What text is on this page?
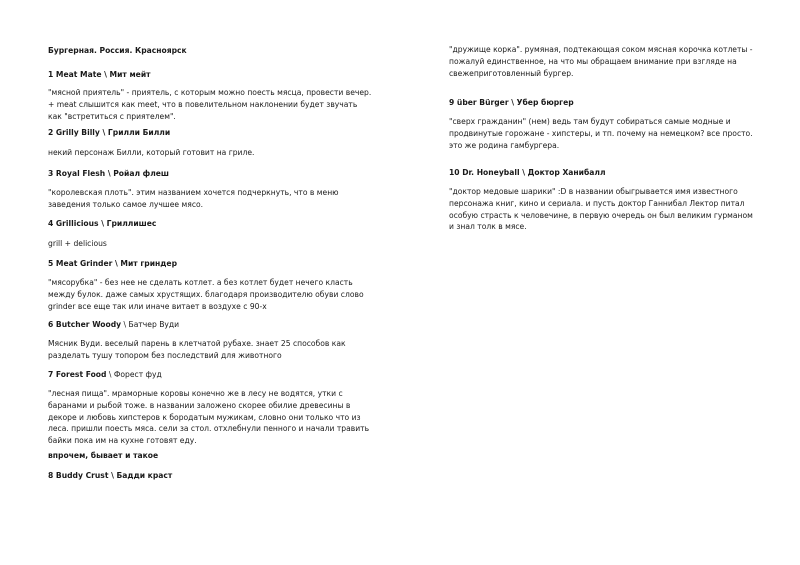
Бургерная. Россия. Красноярск
1 Meat Mate \ Мит мейт
"мясной приятель" - приятель, с которым можно поесть мясца, провести вечер. + meat слышится как meet, что в повелительном наклонении будет звучать как "встретиться с приятелем".
2 Grilly Billy \ Грилли Билли
некий персонаж Билли, который готовит на гриле.
3 Royal Flesh \ Ройал флеш
"королевская плоть". этим названием хочется подчеркнуть, что в меню заведения только самое лучшее мясо.
4 Grillicious \ Гриллишес
grill + delicious
5 Meat Grinder \ Мит гриндер
"мясорубка" - без нее не сделать котлет. а без котлет будет нечего класть между булок. даже самых хрустящих. благодаря производителю обуви слово grinder все еще так или иначе витает в воздухе с 90-х
6 Butcher Woody \ Батчер Вуди
Мясник Вуди. веселый парень в клетчатой рубахе. знает 25 способов как разделать тушу топором без последствий для животного
7 Forest Food \ Форест фуд
"лесная пища". мраморные коровы конечно же в лесу не водятся, утки с баранами и рыбой тоже. в названии заложено скорее обилие древесины в декоре и любовь хипстеров к бородатым мужикам, словно они только что из леса. пришли поесть мяса. сели за стол. отхлебнули пенного и начали травить байки пока им на кухне готовят еду.
впрочем, бывает и такое
8 Buddy Crust \ Бадди краст
"дружище корка". румяная, подтекающая соком мясная корочка котлеты - пожалуй единственное, на что мы обращаем внимание при взгляде на свежеприготовленный бургер.
9 über Bürger \ Убер бюргер
"сверх гражданин" (нем) ведь там будут собираться самые модные и продвинутые горожане - хипстеры, и тп. почему на немецком? все просто. это же родина гамбургера.
10 Dr. Honeyball \ Доктор Ханибалл
"доктор медовые шарики" :D в названии обыгрывается имя известного персонажа книг, кино и сериала. и пусть доктор Ганнибал Лектор питал особую страсть к человечине, в первую очередь он был великим гурманом и знал толк в мясе.
